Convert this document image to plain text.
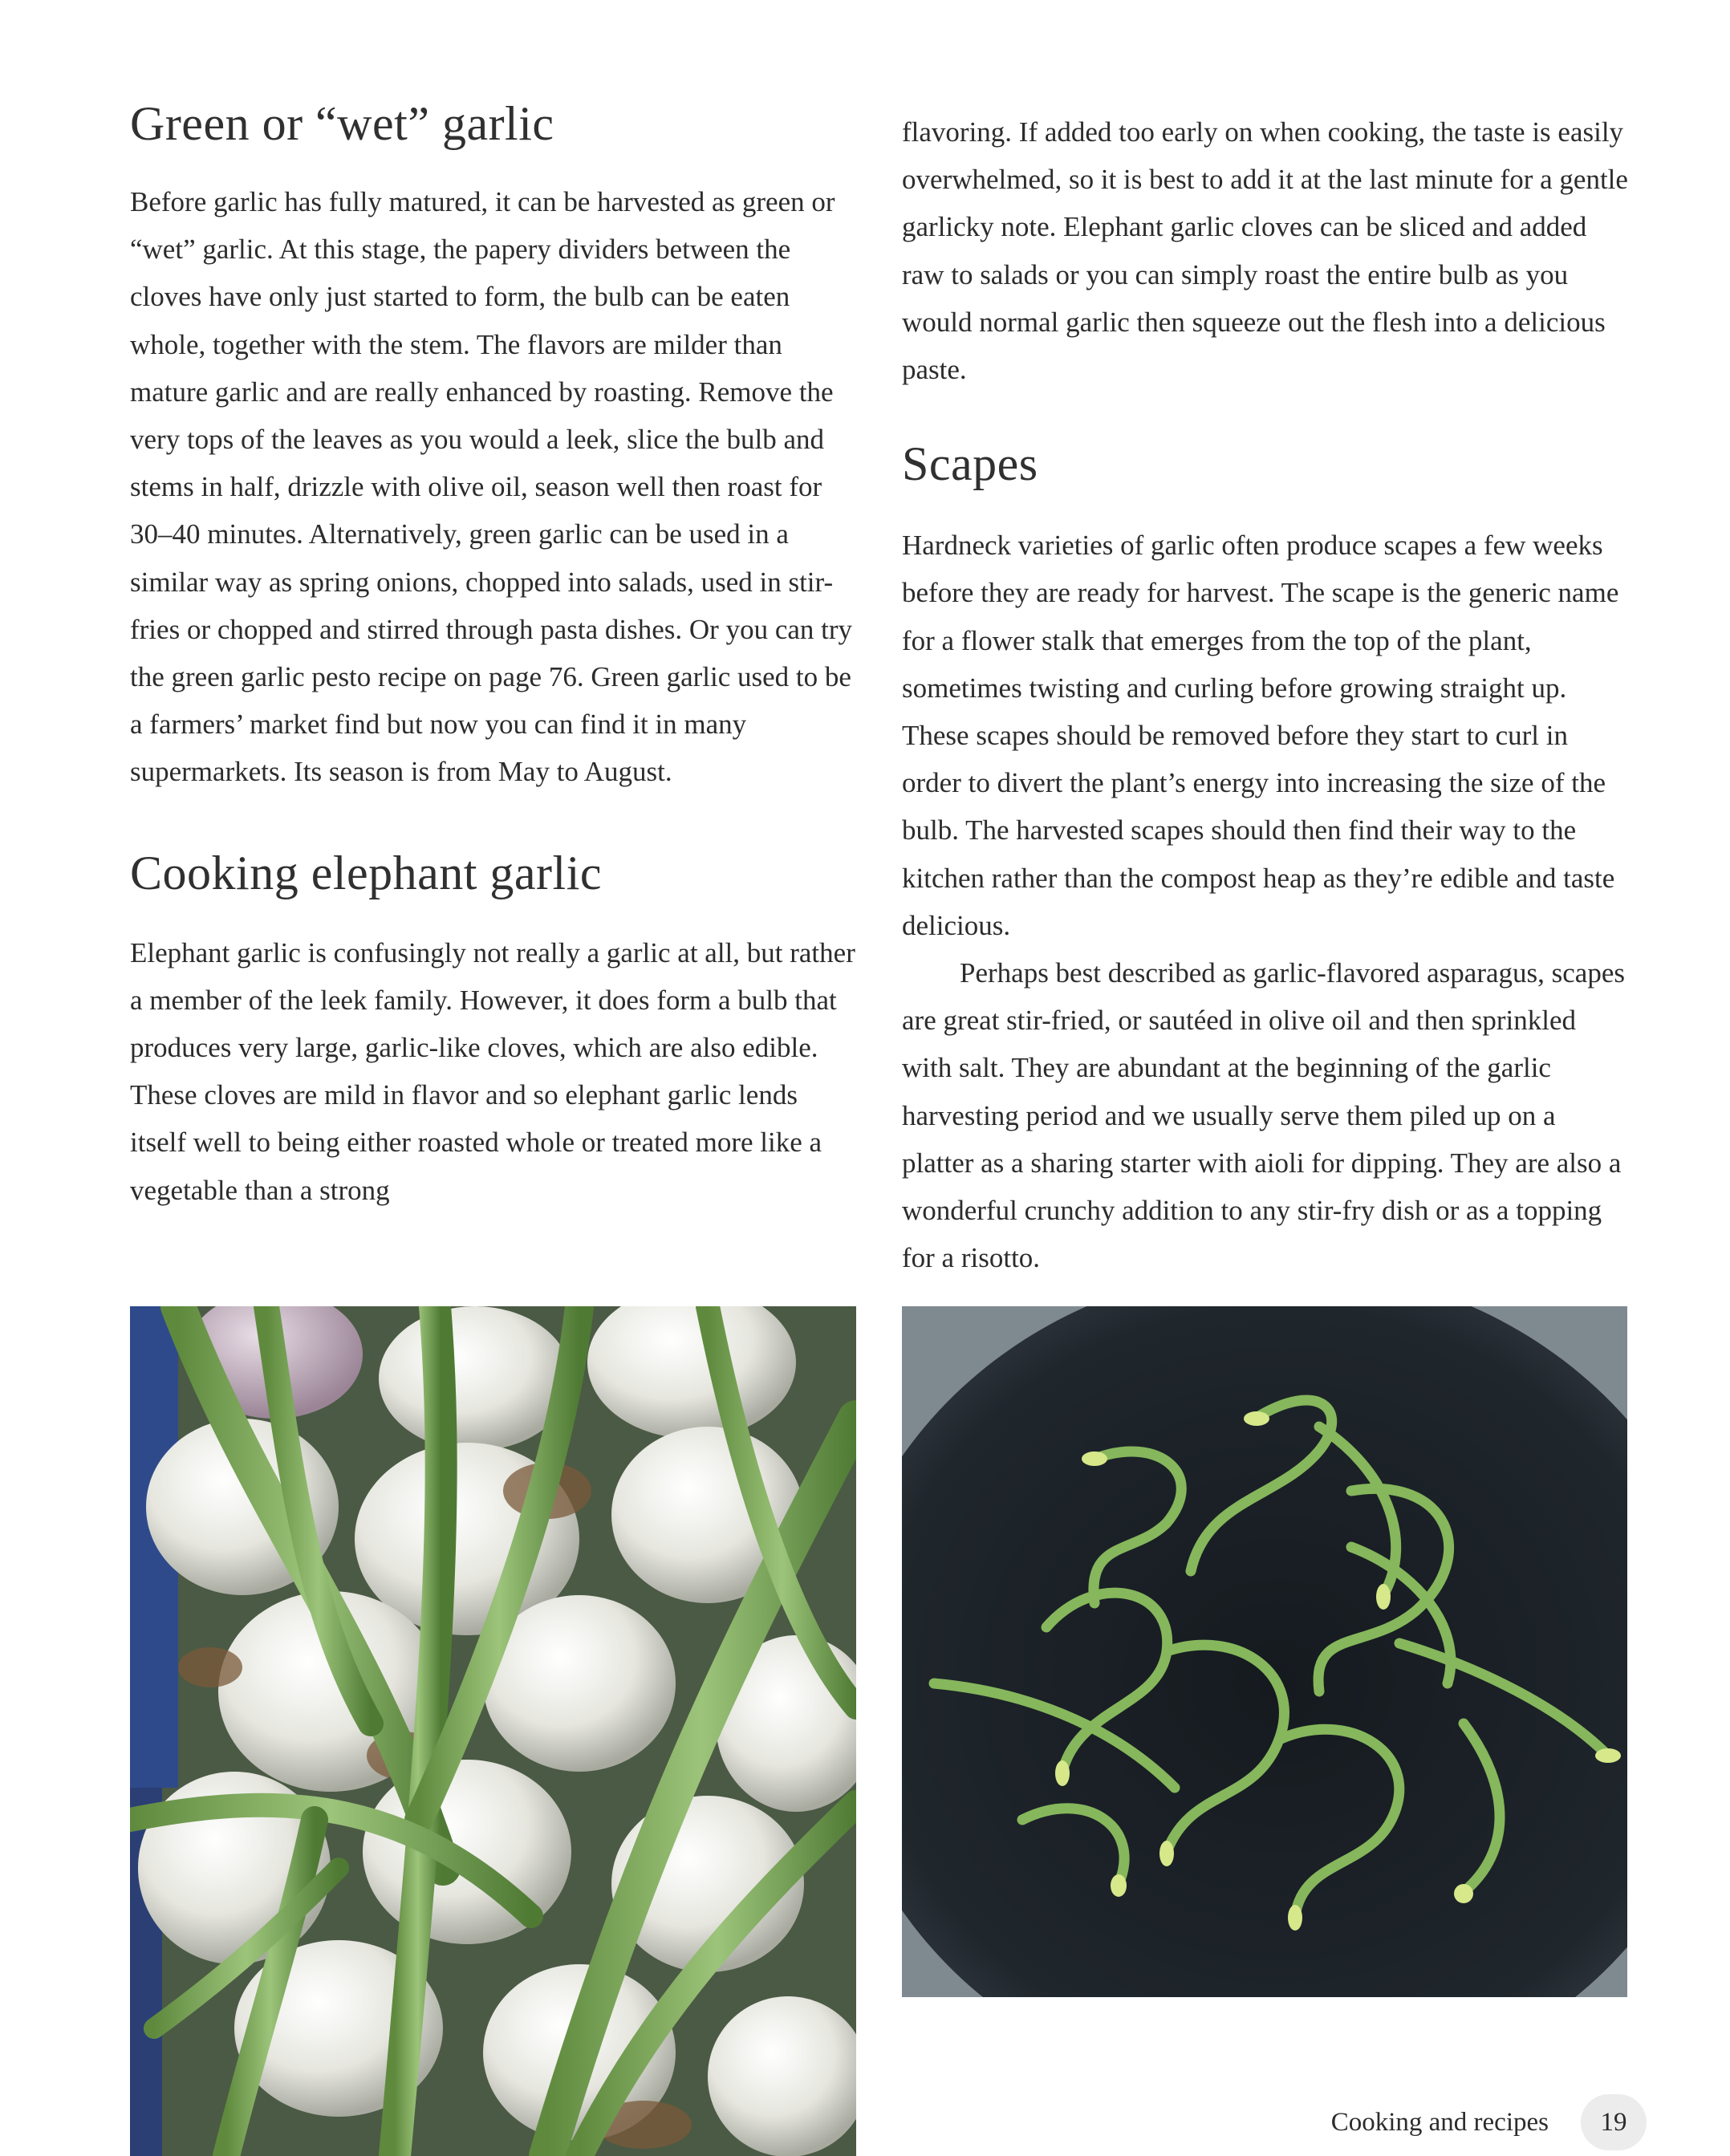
Green or “wet” garlic

Before garlic has fully matured, it can be harvested as green or “wet” garlic. At this stage, the papery dividers between the cloves have only just started to form, the bulb can be eaten whole, together with the stem. The flavors are milder than mature garlic and are really enhanced by roasting. Remove the very tops of the leaves as you would a leek, slice the bulb and stems in half, drizzle with olive oil, season well then roast for 30–40 minutes. Alternatively, green garlic can be used in a similar way as spring onions, chopped into salads, used in stir-fries or chopped and stirred through pasta dishes. Or you can try the green garlic pesto recipe on page 76. Green garlic used to be a farmers’ market find but now you can find it in many supermarkets. Its season is from May to August.

Cooking elephant garlic

Elephant garlic is confusingly not really a garlic at all, but rather a member of the leek family. However, it does form a bulb that produces very large, garlic-like cloves, which are also edible. These cloves are mild in flavor and so elephant garlic lends itself well to being either roasted whole or treated more like a vegetable than a strong

flavoring. If added too early on when cooking, the taste is easily overwhelmed, so it is best to add it at the last minute for a gentle garlicky note. Elephant garlic cloves can be sliced and added raw to salads or you can simply roast the entire bulb as you would normal garlic then squeeze out the flesh into a delicious paste.

Scapes

Hardneck varieties of garlic often produce scapes a few weeks before they are ready for harvest. The scape is the generic name for a flower stalk that emerges from the top of the plant, sometimes twisting and curling before growing straight up. These scapes should be removed before they start to curl in order to divert the plant’s energy into increasing the size of the bulb. The harvested scapes should then find their way to the kitchen rather than the compost heap as they’re edible and taste delicious.

Perhaps best described as garlic-flavored asparagus, scapes are great stir-fried, or sautéed in olive oil and then sprinkled with salt. They are abundant at the beginning of the garlic harvesting period and we usually serve them piled up on a platter as a sharing starter with aioli for dipping. They are also a wonderful crunchy addition to any stir-fry dish or as a topping for a risotto.

Cooking and recipes	19
